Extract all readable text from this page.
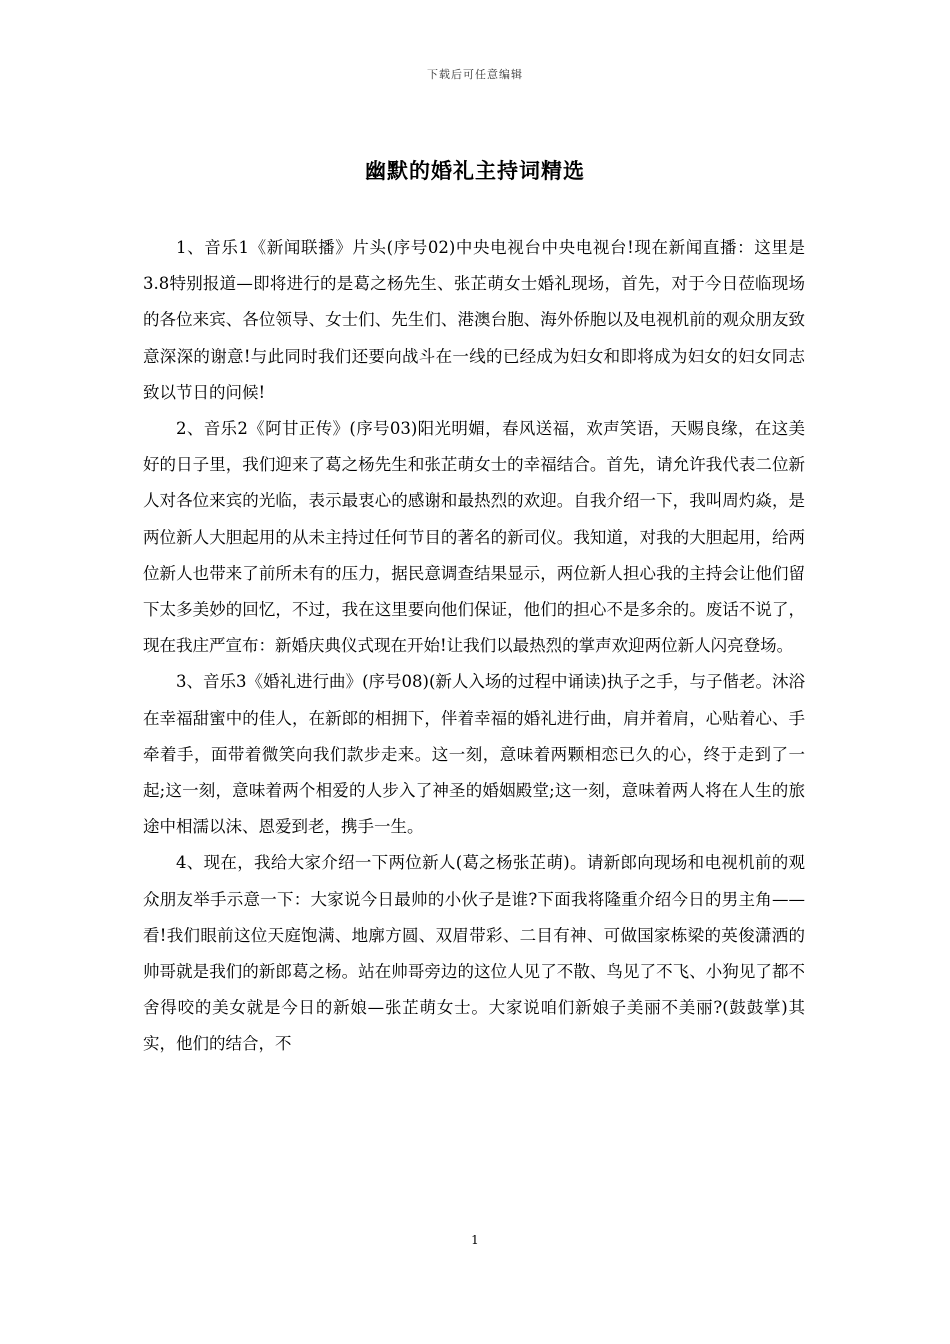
下载后可任意编辑
幽默的婚礼主持词精选

1、音乐1《新闻联播》片头(序号02)中央电视台中央电视台!现在新闻直播：这里是3.8特别报道—即将进行的是葛之杨先生、张芷萌女士婚礼现场，首先，对于今日莅临现场的各位来宾、各位领导、女士们、先生们、港澳台胞、海外侨胞以及电视机前的观众朋友致意深深的谢意!与此同时我们还要向战斗在一线的已经成为妇女和即将成为妇女的妇女同志致以节日的问候!

2、音乐2《阿甘正传》(序号03)阳光明媚，春风送福，欢声笑语，天赐良缘，在这美好的日子里，我们迎来了葛之杨先生和张芷萌女士的幸福结合。首先，请允许我代表二位新人对各位来宾的光临，表示最衷心的感谢和最热烈的欢迎。自我介绍一下，我叫周灼焱，是两位新人大胆起用的从未主持过任何节目的著名的新司仪。我知道，对我的大胆起用，给两位新人也带来了前所未有的压力，据民意调查结果显示，两位新人担心我的主持会让他们留下太多美妙的回忆，不过，我在这里要向他们保证，他们的担心不是多余的。废话不说了，现在我庄严宣布：新婚庆典仪式现在开始!让我们以最热烈的掌声欢迎两位新人闪亮登场。

3、音乐3《婚礼进行曲》(序号08)(新人入场的过程中诵读)执子之手，与子偕老。沐浴在幸福甜蜜中的佳人，在新郎的相拥下，伴着幸福的婚礼进行曲，肩并着肩，心贴着心、手牵着手，面带着微笑向我们款步走来。这一刻，意味着两颗相恋已久的心，终于走到了一起;这一刻，意味着两个相爱的人步入了神圣的婚姻殿堂;这一刻，意味着两人将在人生的旅途中相濡以沫、恩爱到老，携手一生。

4、现在，我给大家介绍一下两位新人(葛之杨张芷萌)。请新郎向现场和电视机前的观众朋友举手示意一下：大家说今日最帅的小伙子是谁?下面我将隆重介绍今日的男主角——看!我们眼前这位天庭饱满、地廓方圆、双眉带彩、二目有神、可做国家栋梁的英俊潇洒的帅哥就是我们的新郎葛之杨。站在帅哥旁边的这位人见了不散、鸟见了不飞、小狗见了都不舍得咬的美女就是今日的新娘—张芷萌女士。大家说咱们新娘子美丽不美丽?(鼓鼓掌)其实，他们的结合，不

1
